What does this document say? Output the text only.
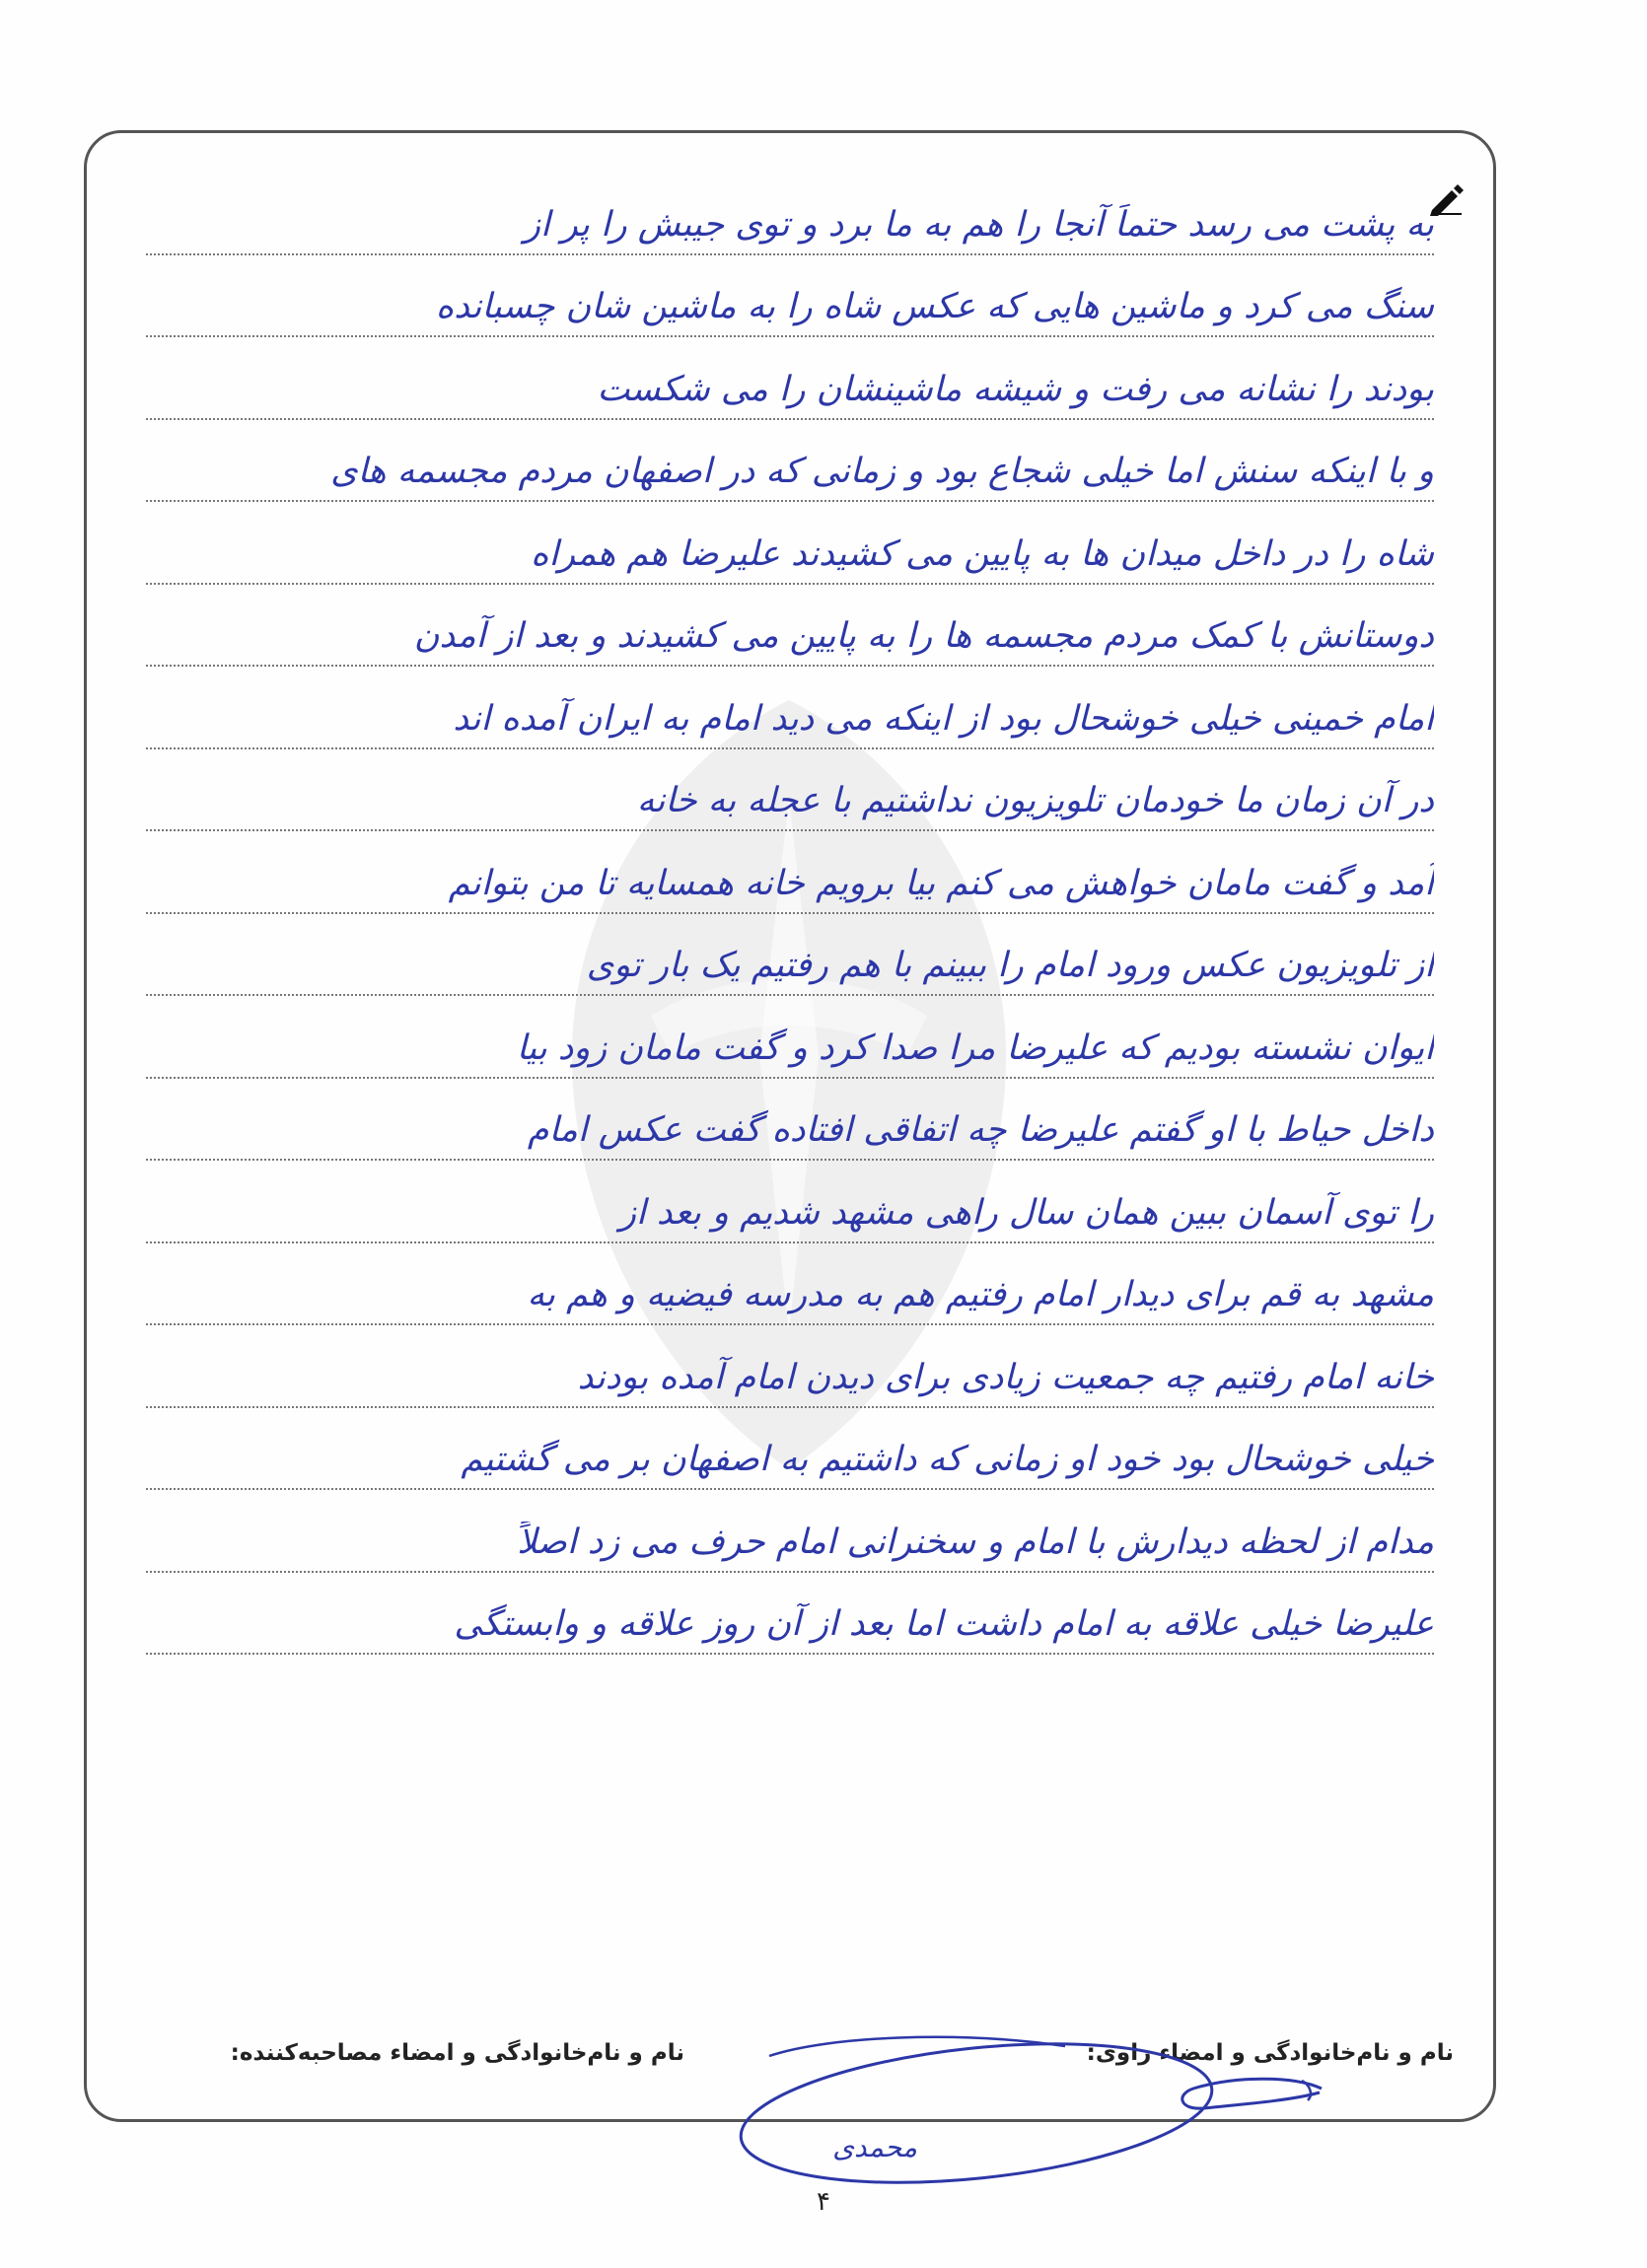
به پشت می رسد حتماً آنجا را هم به ما برد و توی جیبش را پر از
سنگ می کرد و ماشین هایی که عکس شاه را به ماشین شان چسبانده
بودند را نشانه می رفت و شیشه ماشینشان را می شکست
و با اینکه سنش اما خیلی شجاع بود و زمانی که در اصفهان مردم مجسمه های
شاه را در داخل میدان ها به پایین می کشیدند علیرضا هم همراه
دوستانش با کمک مردم مجسمه ها را به پایین می کشیدند و بعد از آمدن
امام خمینی خیلی خوشحال بود از اینکه می دید امام به ایران آمده اند
در آن زمان ما خودمان تلویزیون نداشتیم با عجله به خانه
آمد و گفت مامان خواهش می کنم بیا برویم خانه همسایه تا من بتوانم
از تلویزیون عکس ورود امام را ببینم با هم رفتیم یک بار توی
ایوان نشسته بودیم که علیرضا مرا صدا کرد و گفت مامان زود بیا
داخل حیاط با او گفتم علیرضا چه اتفاقی افتاده گفت عکس امام
را توی آسمان ببین همان سال راهی مشهد شدیم و بعد از
مشهد به قم برای دیدار امام رفتیم هم به مدرسه فیضیه و هم به
خانه امام رفتیم چه جمعیت زیادی برای دیدن امام آمده بودند
خیلی خوشحال بود خود او زمانی که داشتیم به اصفهان بر می گشتیم
مدام از لحظه دیدارش با امام و سخنرانی امام حرف می زد اصلاً
علیرضا خیلی علاقه به امام داشت اما بعد از آن روز علاقه و وابستگی
نام و نام‌خانوادگی و امضاء راوی:
نام و نام‌خانوادگی و امضاء مصاحبه‌کننده:
محمدی
۴
